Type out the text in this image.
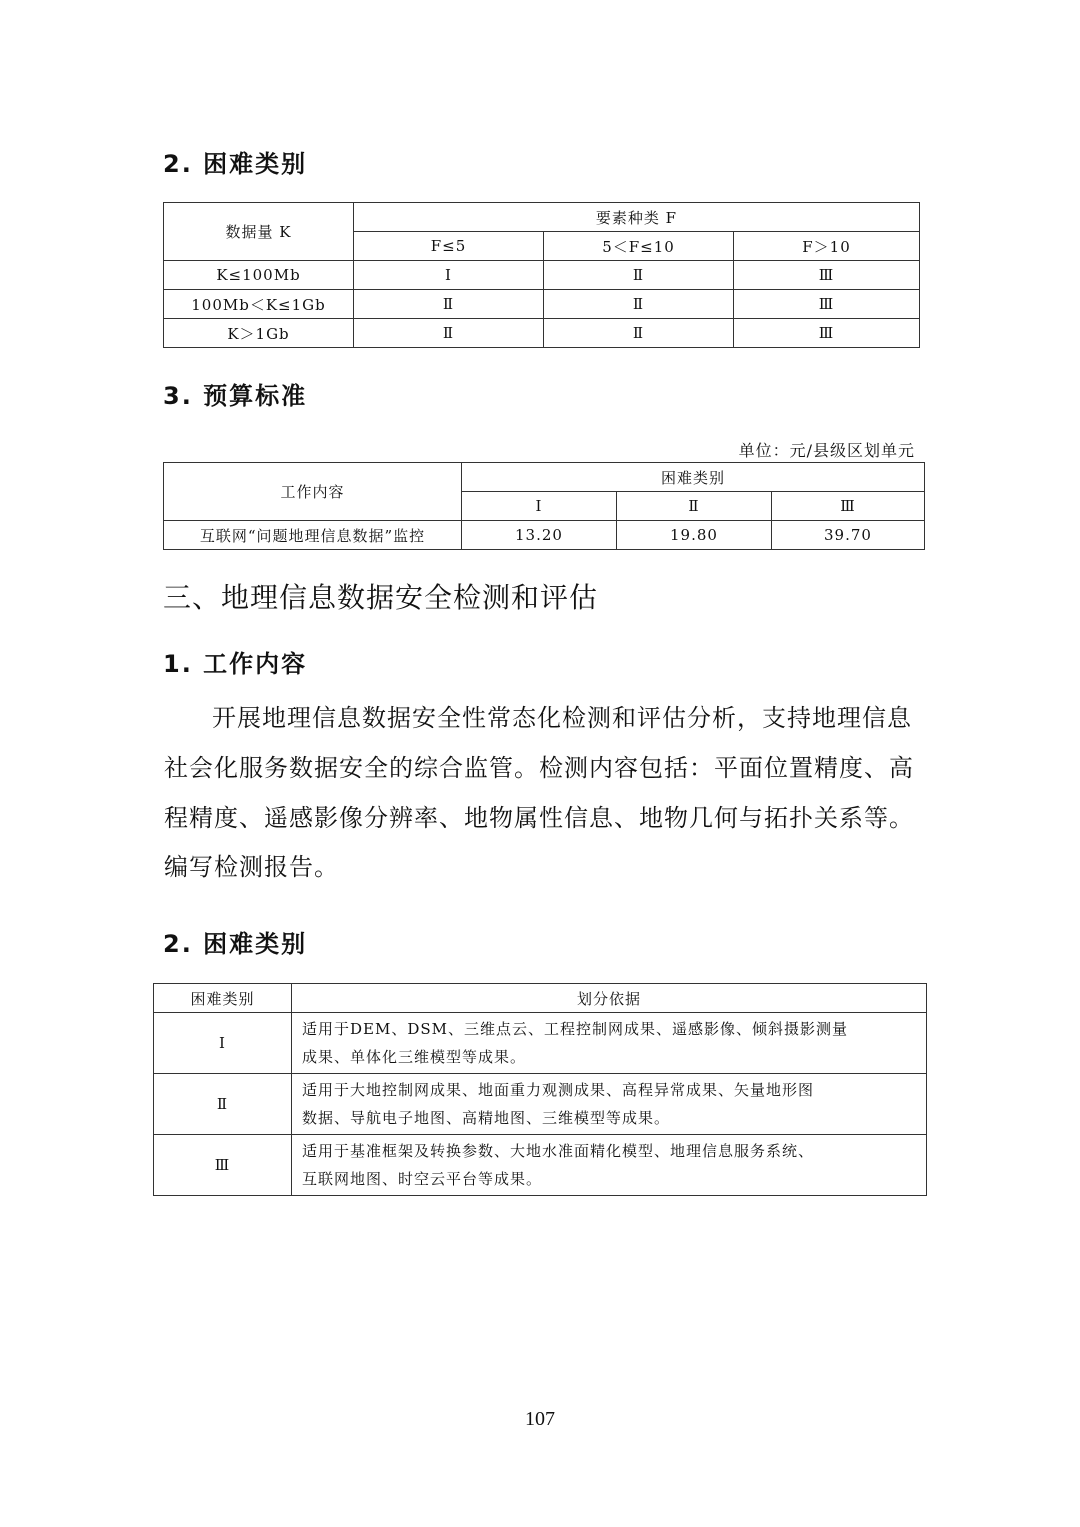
2. 困难类别
数据量 K	要素种类 F		
	F≤5	5＜F≤10	F＞10
K≤100Mb	Ⅰ	Ⅱ	Ⅲ
100Mb＜K≤1Gb	Ⅱ	Ⅱ	Ⅲ
K＞1Gb	Ⅱ	Ⅱ	Ⅲ
3. 预算标准
单位：元/县级区划单元
工作内容	困难类别		
	Ⅰ	Ⅱ	Ⅲ
互联网“问题地理信息数据”监控	13.20	19.80	39.70
三、地理信息数据安全检测和评估
1. 工作内容
开展地理信息数据安全性常态化检测和评估分析，支持地理信息
社会化服务数据安全的综合监管。检测内容包括：平面位置精度、高
程精度、遥感影像分辨率、地物属性信息、地物几何与拓扑关系等。
编写检测报告。
2. 困难类别
困难类别	划分依据
Ⅰ	适用于DEM、DSM、三维点云、工程控制网成果、遥感影像、倾斜摄影测量
成果、单体化三维模型等成果。

Ⅱ	适用于大地控制网成果、地面重力观测成果、高程异常成果、矢量地形图
数据、导航电子地图、高精地图、三维模型等成果。

Ⅲ	适用于基准框架及转换参数、大地水准面精化模型、地理信息服务系统、
互联网地图、时空云平台等成果。
107
